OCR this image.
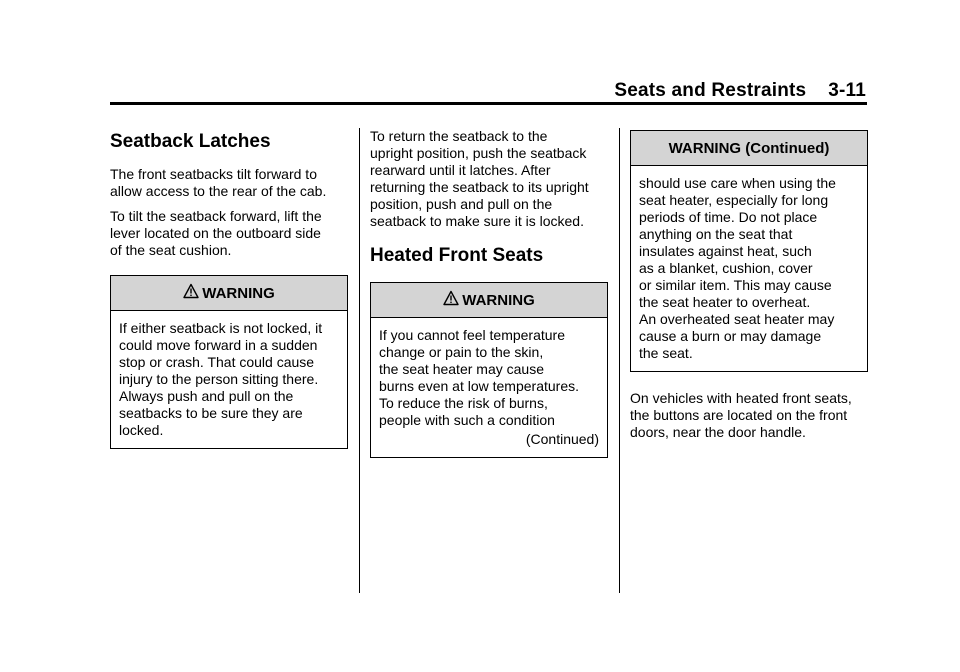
Seats and Restraints    3-11
Seatback Latches

The front seatbacks tilt forward to
allow access to the rear of the cab.

To tilt the seatback forward, lift the
lever located on the outboard side
of the seat cushion.

WARNING
If either seatback is not locked, it
could move forward in a sudden
stop or crash. That could cause
injury to the person sitting there.
Always push and pull on the
seatbacks to be sure they are
locked.

To return the seatback to the
upright position, push the seatback
rearward until it latches. After
returning the seatback to its upright
position, push and pull on the
seatback to make sure it is locked.

Heated Front Seats
WARNING
If you cannot feel temperature
change or pain to the skin,
the seat heater may cause
burns even at low temperatures.
To reduce the risk of burns,
people with such a condition
(Continued)
WARNING (Continued)
should use care when using the
seat heater, especially for long
periods of time. Do not place
anything on the seat that
insulates against heat, such
as a blanket, cushion, cover
or similar item. This may cause
the seat heater to overheat.
An overheated seat heater may
cause a burn or may damage
the seat.

On vehicles with heated front seats,
the buttons are located on the front
doors, near the door handle.
